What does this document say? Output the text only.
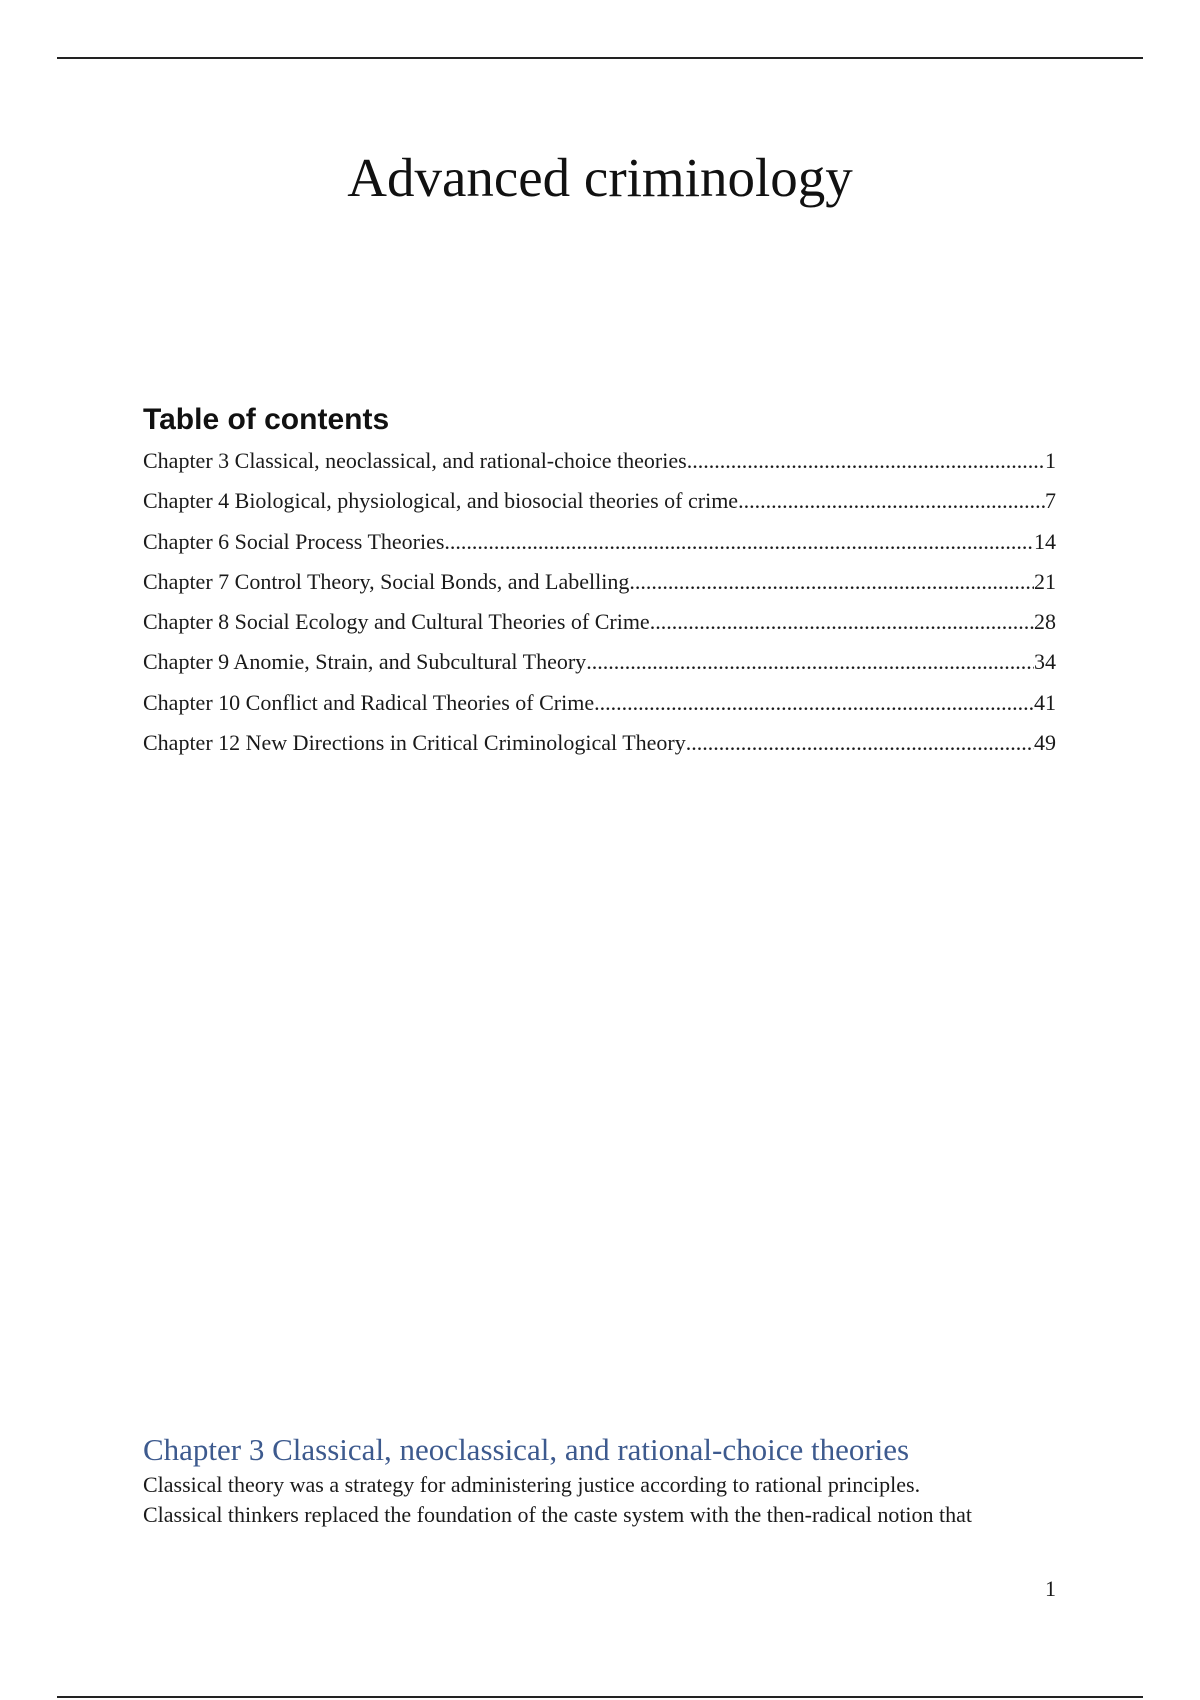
Advanced criminology
Table of contents
Chapter 3 Classical, neoclassical, and rational-choice theories .....	1
Chapter 4 Biological, physiological, and biosocial theories of crime .....	7
Chapter 6 Social Process Theories .....	14
Chapter 7 Control Theory, Social Bonds, and Labelling .....	21
Chapter 8 Social Ecology and Cultural Theories of Crime .....	28
Chapter 9 Anomie, Strain, and Subcultural Theory .....	34
Chapter 10 Conflict and Radical Theories of Crime .....	41
Chapter 12 New Directions in Critical Criminological Theory .....	49
Chapter 3 Classical, neoclassical, and rational-choice theories

Classical theory was a strategy for administering justice according to rational principles.
Classical thinkers replaced the foundation of the caste system with the then-radical notion that

1
